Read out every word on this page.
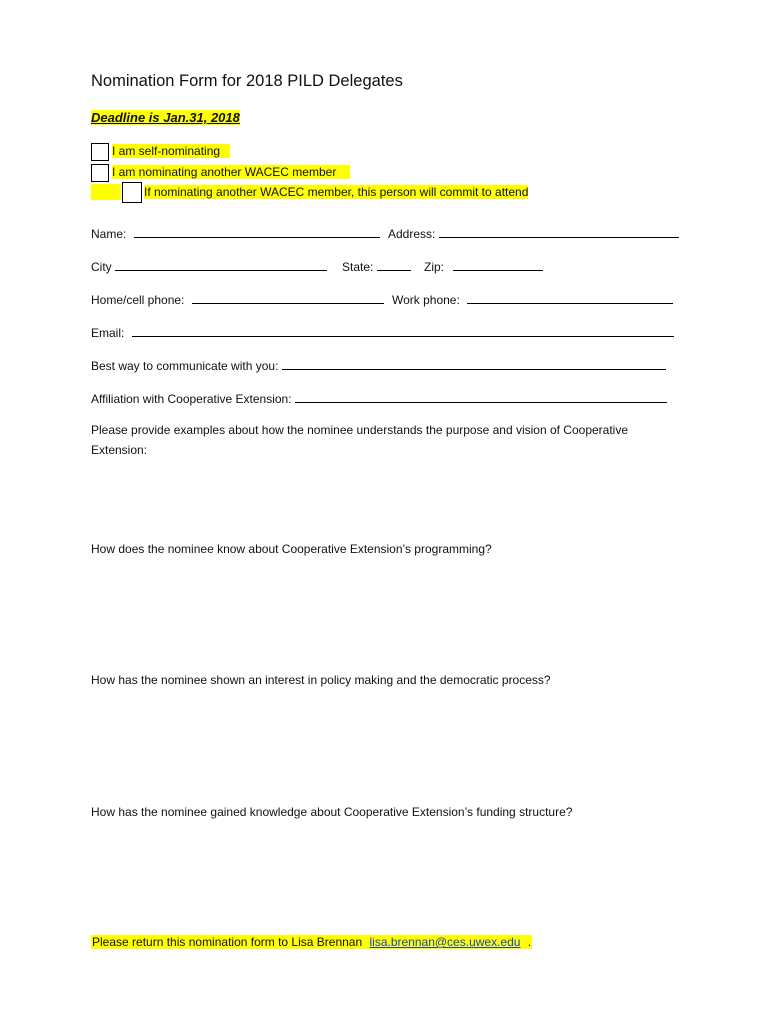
Nomination Form for 2018 PILD Delegates
Deadline is Jan.31, 2018
I am self-nominating
I am nominating another WACEC member
If nominating another WACEC member, this person will commit to attend
Name:	Address:
City	State:	Zip:
Home/cell phone:	Work phone:
Email:
Best way to communicate with you:
Affiliation with Cooperative Extension:
Please provide examples about how the nominee understands the purpose and vision of Cooperative Extension:
How does the nominee know about Cooperative Extension’s programming?
How has the nominee shown an interest in policy making and the democratic process?
How has the nominee gained knowledge about Cooperative Extension’s funding structure?
Please return this nomination form to Lisa Brennan lisa.brennan@ces.uwex.edu .
